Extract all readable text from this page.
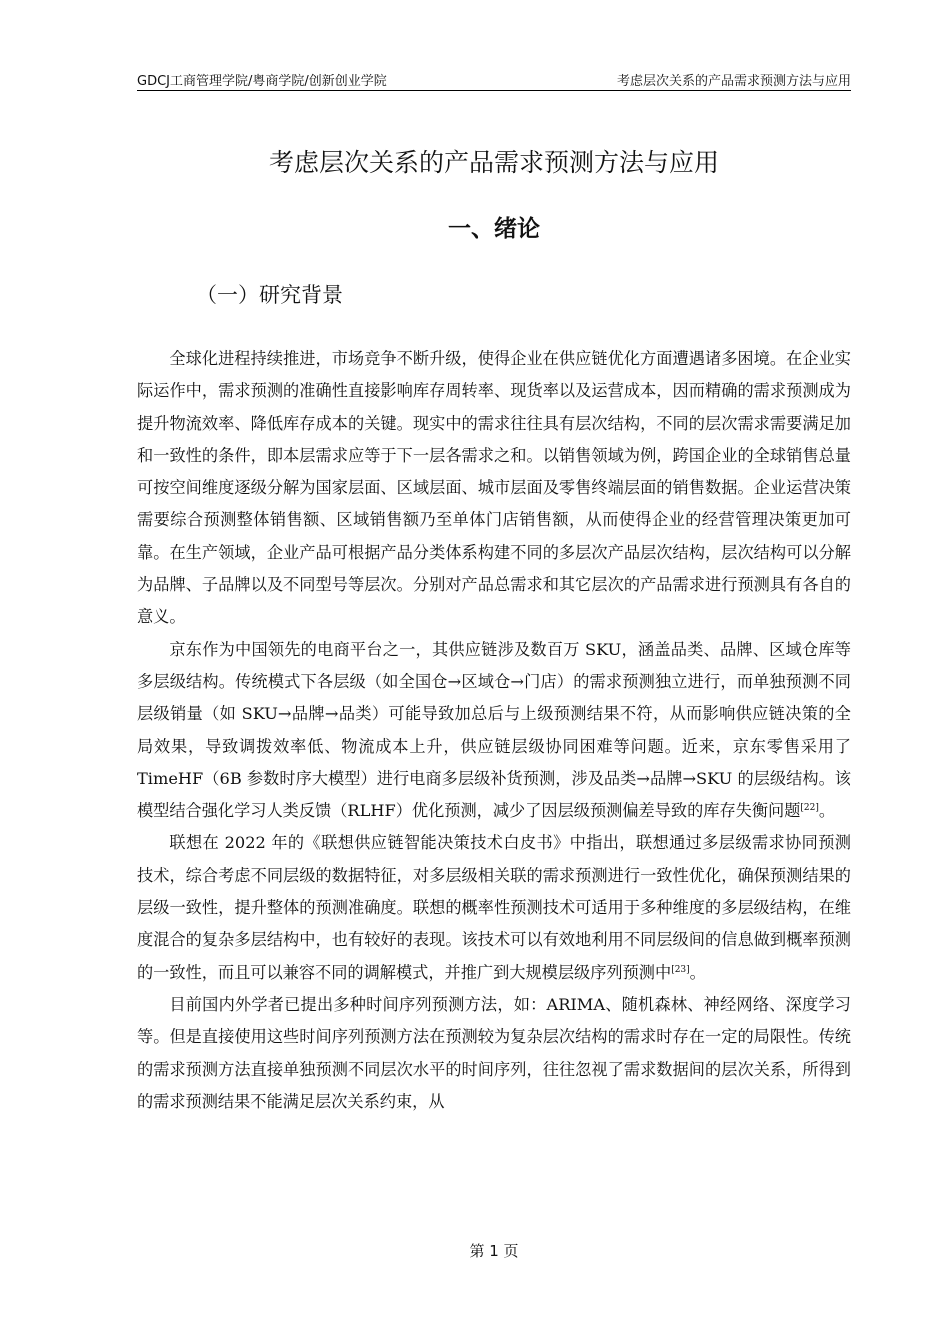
GDCJ工商管理学院/粤商学院/创新创业学院	考虑层次关系的产品需求预测方法与应用
考虑层次关系的产品需求预测方法与应用
一、绪论
（一）研究背景

全球化进程持续推进，市场竞争不断升级，使得企业在供应链优化方面遭遇诸多困境。在企业实际运作中，需求预测的准确性直接影响库存周转率、现货率以及运营成本，因而精确的需求预测成为提升物流效率、降低库存成本的关键。现实中的需求往往具有层次结构，不同的层次需求需要满足加和一致性的条件，即本层需求应等于下一层各需求之和。以销售领域为例，跨国企业的全球销售总量可按空间维度逐级分解为国家层面、区域层面、城市层面及零售终端层面的销售数据。企业运营决策需要综合预测整体销售额、区域销售额乃至单体门店销售额，从而使得企业的经营管理决策更加可靠。在生产领域，企业产品可根据产品分类体系构建不同的多层次产品层次结构，层次结构可以分解为品牌、子品牌以及不同型号等层次。分别对产品总需求和其它层次的产品需求进行预测具有各自的意义。

京东作为中国领先的电商平台之一，其供应链涉及数百万 SKU，涵盖品类、品牌、区域仓库等多层级结构。传统模式下各层级（如全国仓→区域仓→门店）的需求预测独立进行，而单独预测不同层级销量（如 SKU→品牌→品类）可能导致加总后与上级预测结果不符，从而影响供应链决策的全局效果，导致调拨效率低、物流成本上升，供应链层级协同困难等问题。近来，京东零售采用了 TimeHF（6B 参数时序大模型）进行电商多层级补货预测，涉及品类→品牌→SKU 的层级结构。该模型结合强化学习人类反馈（RLHF）优化预测，减少了因层级预测偏差导致的库存失衡问题[22]。

联想在 2022 年的《联想供应链智能决策技术白皮书》中指出，联想通过多层级需求协同预测技术，综合考虑不同层级的数据特征，对多层级相关联的需求预测进行一致性优化，确保预测结果的层级一致性，提升整体的预测准确度。联想的概率性预测技术可适用于多种维度的多层级结构，在维度混合的复杂多层结构中，也有较好的表现。该技术可以有效地利用不同层级间的信息做到概率预测的一致性，而且可以兼容不同的调解模式，并推广到大规模层级序列预测中[23]。

目前国内外学者已提出多种时间序列预测方法，如：ARIMA、随机森林、神经网络、深度学习等。但是直接使用这些时间序列预测方法在预测较为复杂层次结构的需求时存在一定的局限性。传统的需求预测方法直接单独预测不同层次水平的时间序列，往往忽视了需求数据间的层次关系，所得到的需求预测结果不能满足层次关系约束，从

第 1 页
